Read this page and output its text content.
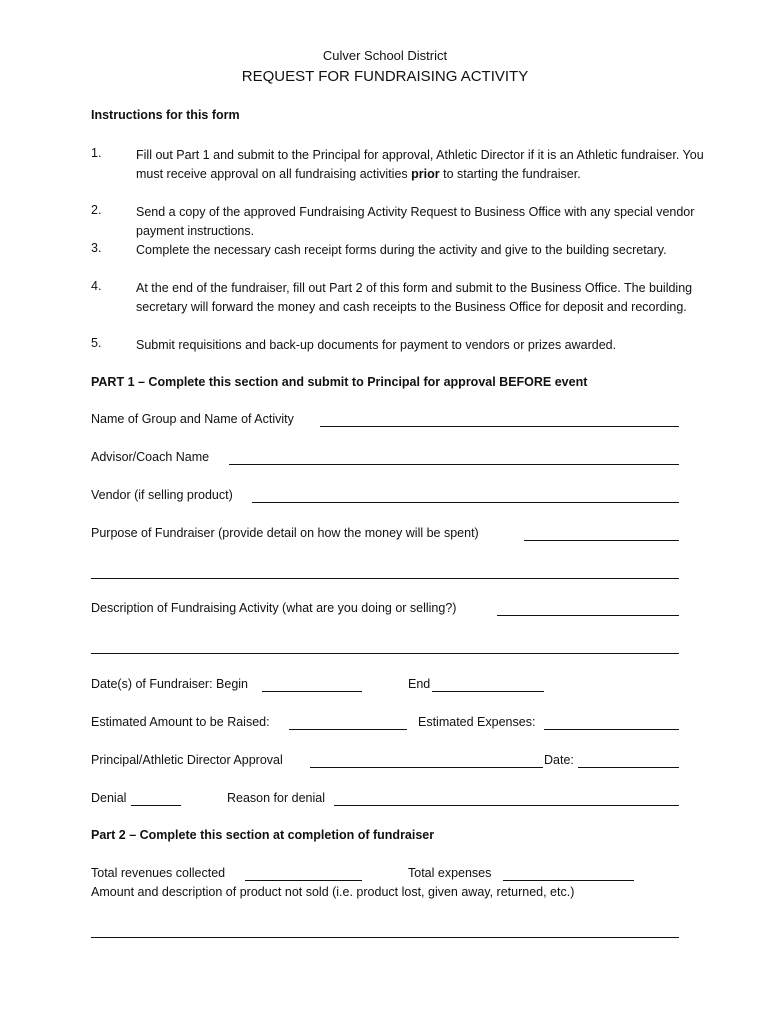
Culver School District
REQUEST FOR FUNDRAISING ACTIVITY
Instructions for this form
1.	Fill out Part 1 and submit to the Principal for approval, Athletic Director if it is an Athletic fundraiser. You must receive approval on all fundraising activities prior to starting the fundraiser.
2.	Send a copy of the approved Fundraising Activity Request to Business Office with any special vendor payment instructions.
3.	Complete the necessary cash receipt forms during the activity and give to the building secretary.
4.	At the end of the fundraiser, fill out Part 2 of this form and submit to the Business Office. The building secretary will forward the money and cash receipts to the Business Office for deposit and recording.
5.	Submit requisitions and back-up documents for payment to vendors or prizes awarded.
PART 1 – Complete this section and submit to Principal for approval BEFORE event
Name of Group and Name of Activity
Advisor/Coach Name
Vendor (if selling product)
Purpose of Fundraiser (provide detail on how the money will be spent)
Description of Fundraising Activity (what are you doing or selling?)
Date(s) of Fundraiser: Begin	End
Estimated Amount to be Raised:	Estimated Expenses:
Principal/Athletic Director Approval	Date:
Denial	Reason for denial
Part 2 – Complete this section at completion of fundraiser
Total revenues collected	Total expenses
Amount and description of product not sold (i.e. product lost, given away, returned, etc.)
